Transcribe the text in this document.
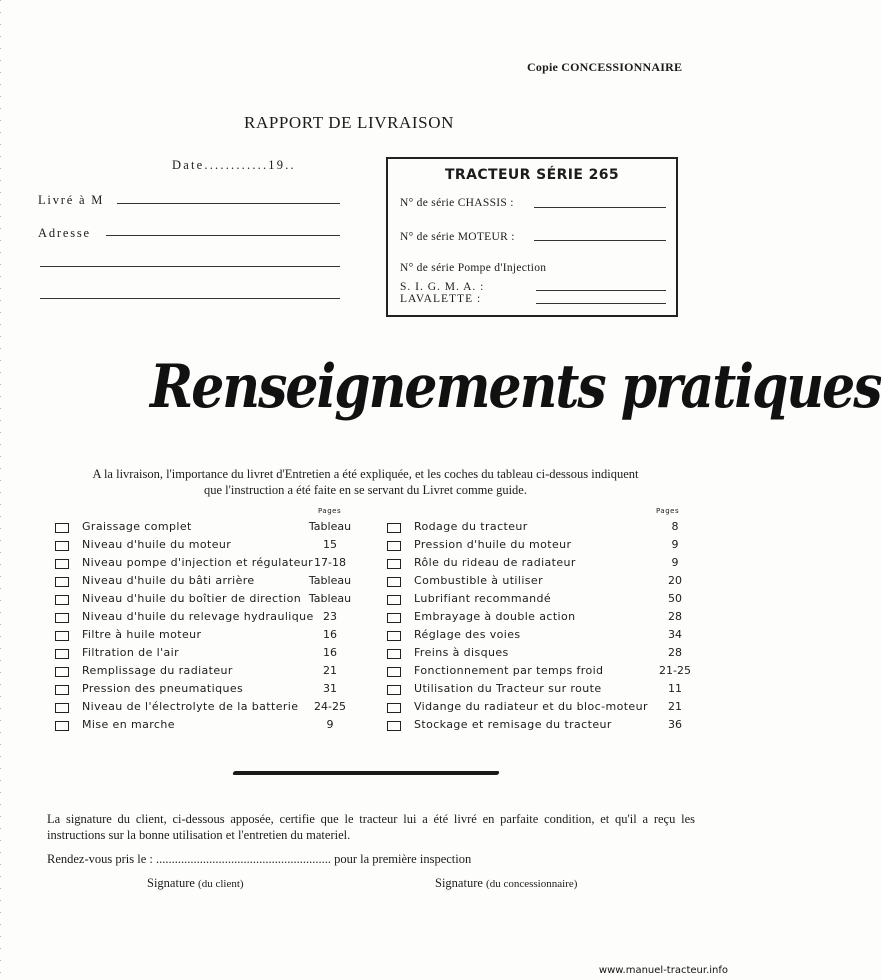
Copie CONCESSIONNAIRE
RAPPORT DE LIVRAISON
Date............19..
Livré à M
Adresse
TRACTEUR SÉRIE 265
N° de série CHASSIS :
N° de série MOTEUR :
N° de série Pompe d'Injection
S. I. G. M. A. :
LAVALETTE :
Renseignements pratiques
A la livraison, l'importance du livret d'Entretien a été expliquée, et les coches du tableau ci-dessous indiquent
que l'instruction a été faite en se servant du Livret comme guide.
Pages	Pages
Graissage complet	Tableau
Niveau d'huile du moteur	15
Niveau pompe d'injection et régulateur 17-18
Niveau d'huile du bâti arrière	Tableau
Niveau d'huile du boîtier de direction Tableau
Niveau d'huile du relevage hydraulique 23
Filtre à huile moteur	16
Filtration de l'air	16
Remplissage du radiateur	21
Pression des pneumatiques	31
Niveau de l'électrolyte de la batterie	24-25
Mise en marche	9
Rodage du tracteur	8
Pression d'huile du moteur	9
Rôle du rideau de radiateur	9
Combustible à utiliser	20
Lubrifiant recommandé	50
Embrayage à double action	28
Réglage des voies	34
Freins à disques	28
Fonctionnement par temps froid	21-25
Utilisation du Tracteur sur route	11
Vidange du radiateur et du bloc-moteur	21
Stockage et remisage du tracteur	36
La signature du client, ci-dessous apposée, certifie que le tracteur lui a été livré en parfaite condition, et qu'il a reçu les instructions sur la bonne utilisation et l'entretien du materiel.
Rendez-vous pris le : ........................................................ pour la première inspection
Signature (du client)	Signature (du concessionnaire)
www.manuel-tracteur.info
